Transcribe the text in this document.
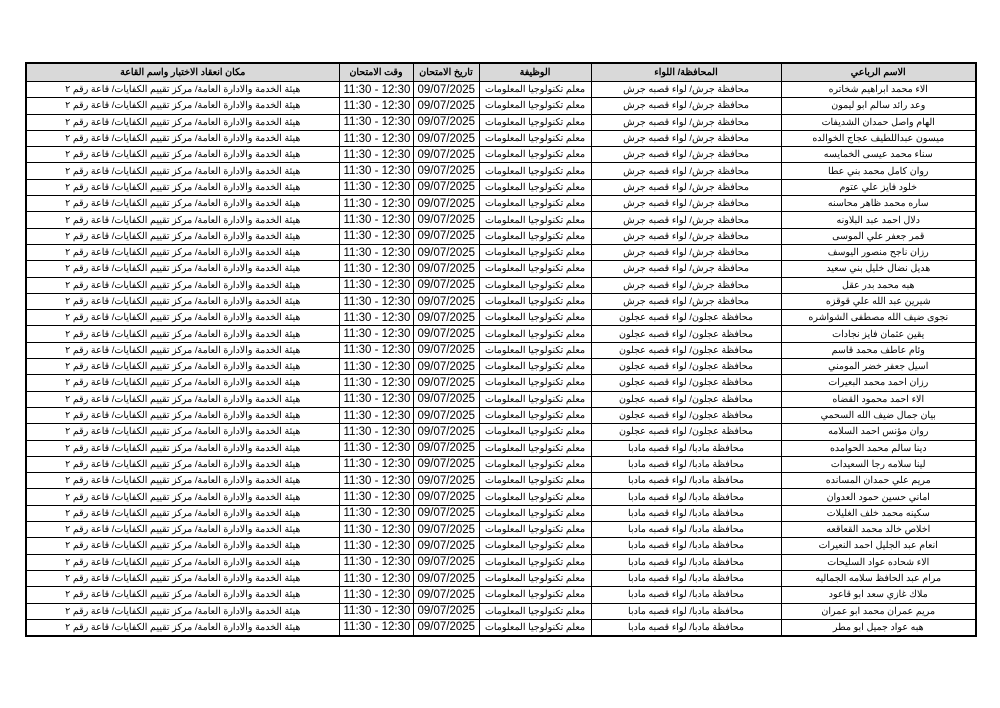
الاسم الرباعي	المحافظة/ اللواء	الوظيفة	تاريخ الامتحان	وقت الامتحان	مكان انعقاد الاختبار واسم القاعة
الاء محمد ابراهيم شخاتره	محافظة جرش/ لواء قصبه جرش	معلم تكنولوجيا المعلومات	09/07/2025	11:30 - 12:30	هيئة الخدمة والادارة العامة/ مركز تقييم الكفايات/ قاعة رقم ٢
وعد رائد سالم ابو ليمون	محافظة جرش/ لواء قصبه جرش	معلم تكنولوجيا المعلومات	09/07/2025	11:30 - 12:30	هيئة الخدمة والادارة العامة/ مركز تقييم الكفايات/ قاعة رقم ٢
الهام واصل حمدان الشديفات	محافظة جرش/ لواء قصبه جرش	معلم تكنولوجيا المعلومات	09/07/2025	11:30 - 12:30	هيئة الخدمة والادارة العامة/ مركز تقييم الكفايات/ قاعة رقم ٢
ميسون عبداللطيف عجاج الخوالده	محافظة جرش/ لواء قصبه جرش	معلم تكنولوجيا المعلومات	09/07/2025	11:30 - 12:30	هيئة الخدمة والادارة العامة/ مركز تقييم الكفايات/ قاعة رقم ٢
سناء محمد عيسى الخمايسه	محافظة جرش/ لواء قصبه جرش	معلم تكنولوجيا المعلومات	09/07/2025	11:30 - 12:30	هيئة الخدمة والادارة العامة/ مركز تقييم الكفايات/ قاعة رقم ٢
روان كامل محمد بني عطا	محافظة جرش/ لواء قصبه جرش	معلم تكنولوجيا المعلومات	09/07/2025	11:30 - 12:30	هيئة الخدمة والادارة العامة/ مركز تقييم الكفايات/ قاعة رقم ٢
خلود فايز علي عتوم	محافظة جرش/ لواء قصبه جرش	معلم تكنولوجيا المعلومات	09/07/2025	11:30 - 12:30	هيئة الخدمة والادارة العامة/ مركز تقييم الكفايات/ قاعة رقم ٢
ساره محمد ظاهر محاسنه	محافظة جرش/ لواء قصبه جرش	معلم تكنولوجيا المعلومات	09/07/2025	11:30 - 12:30	هيئة الخدمة والادارة العامة/ مركز تقييم الكفايات/ قاعة رقم ٢
دلال احمد عبد البلاونه	محافظة جرش/ لواء قصبه جرش	معلم تكنولوجيا المعلومات	09/07/2025	11:30 - 12:30	هيئة الخدمة والادارة العامة/ مركز تقييم الكفايات/ قاعة رقم ٢
قمر جعفر علي الموسى	محافظة جرش/ لواء قصبه جرش	معلم تكنولوجيا المعلومات	09/07/2025	11:30 - 12:30	هيئة الخدمة والادارة العامة/ مركز تقييم الكفايات/ قاعة رقم ٢
رزان ناجح منصور اليوسف	محافظة جرش/ لواء قصبه جرش	معلم تكنولوجيا المعلومات	09/07/2025	11:30 - 12:30	هيئة الخدمة والادارة العامة/ مركز تقييم الكفايات/ قاعة رقم ٢
هديل نضال خليل بني سعيد	محافظة جرش/ لواء قصبه جرش	معلم تكنولوجيا المعلومات	09/07/2025	11:30 - 12:30	هيئة الخدمة والادارة العامة/ مركز تقييم الكفايات/ قاعة رقم ٢
هبه محمد بدر عقل	محافظة جرش/ لواء قصبه جرش	معلم تكنولوجيا المعلومات	09/07/2025	11:30 - 12:30	هيئة الخدمة والادارة العامة/ مركز تقييم الكفايات/ قاعة رقم ٢
شيرين عبد الله علي قوقزه	محافظة جرش/ لواء قصبه جرش	معلم تكنولوجيا المعلومات	09/07/2025	11:30 - 12:30	هيئة الخدمة والادارة العامة/ مركز تقييم الكفايات/ قاعة رقم ٢
نجوى ضيف الله مصطفى الشواشره	محافظة عجلون/ لواء قصبه عجلون	معلم تكنولوجيا المعلومات	09/07/2025	11:30 - 12:30	هيئة الخدمة والادارة العامة/ مركز تقييم الكفايات/ قاعة رقم ٢
يقين عثمان فايز نجادات	محافظة عجلون/ لواء قصبه عجلون	معلم تكنولوجيا المعلومات	09/07/2025	11:30 - 12:30	هيئة الخدمة والادارة العامة/ مركز تقييم الكفايات/ قاعة رقم ٢
وئام عاطف محمد قاسم	محافظة عجلون/ لواء قصبه عجلون	معلم تكنولوجيا المعلومات	09/07/2025	11:30 - 12:30	هيئة الخدمة والادارة العامة/ مركز تقييم الكفايات/ قاعة رقم ٢
اسيل جعفر خضر المومني	محافظة عجلون/ لواء قصبه عجلون	معلم تكنولوجيا المعلومات	09/07/2025	11:30 - 12:30	هيئة الخدمة والادارة العامة/ مركز تقييم الكفايات/ قاعة رقم ٢
رزان احمد محمد البعيرات	محافظة عجلون/ لواء قصبه عجلون	معلم تكنولوجيا المعلومات	09/07/2025	11:30 - 12:30	هيئة الخدمة والادارة العامة/ مركز تقييم الكفايات/ قاعة رقم ٢
الاء احمد محمود القضاه	محافظة عجلون/ لواء قصبه عجلون	معلم تكنولوجيا المعلومات	09/07/2025	11:30 - 12:30	هيئة الخدمة والادارة العامة/ مركز تقييم الكفايات/ قاعة رقم ٢
بيان جمال ضيف الله السحمي	محافظة عجلون/ لواء قصبه عجلون	معلم تكنولوجيا المعلومات	09/07/2025	11:30 - 12:30	هيئة الخدمة والادارة العامة/ مركز تقييم الكفايات/ قاعة رقم ٢
روان مؤنس احمد السلامه	محافظة عجلون/ لواء قصبه عجلون	معلم تكنولوجيا المعلومات	09/07/2025	11:30 - 12:30	هيئة الخدمة والادارة العامة/ مركز تقييم الكفايات/ قاعة رقم ٢
دينا سالم محمد الحوامده	محافظة مادبا/ لواء قصبه مادبا	معلم تكنولوجيا المعلومات	09/07/2025	11:30 - 12:30	هيئة الخدمة والادارة العامة/ مركز تقييم الكفايات/ قاعة رقم ٢
لينا سلامه رجا السعيدات	محافظة مادبا/ لواء قصبه مادبا	معلم تكنولوجيا المعلومات	09/07/2025	11:30 - 12:30	هيئة الخدمة والادارة العامة/ مركز تقييم الكفايات/ قاعة رقم ٢
مريم علي حمدان المسانده	محافظة مادبا/ لواء قصبه مادبا	معلم تكنولوجيا المعلومات	09/07/2025	11:30 - 12:30	هيئة الخدمة والادارة العامة/ مركز تقييم الكفايات/ قاعة رقم ٢
اماني حسين حمود العدوان	محافظة مادبا/ لواء قصبه مادبا	معلم تكنولوجيا المعلومات	09/07/2025	11:30 - 12:30	هيئة الخدمة والادارة العامة/ مركز تقييم الكفايات/ قاعة رقم ٢
سكينه محمد خلف الغليلات	محافظة مادبا/ لواء قصبه مادبا	معلم تكنولوجيا المعلومات	09/07/2025	11:30 - 12:30	هيئة الخدمة والادارة العامة/ مركز تقييم الكفايات/ قاعة رقم ٢
اخلاص خالد محمد القعاقعه	محافظة مادبا/ لواء قصبه مادبا	معلم تكنولوجيا المعلومات	09/07/2025	11:30 - 12:30	هيئة الخدمة والادارة العامة/ مركز تقييم الكفايات/ قاعة رقم ٢
انعام عبد الجليل احمد النعيرات	محافظة مادبا/ لواء قصبه مادبا	معلم تكنولوجيا المعلومات	09/07/2025	11:30 - 12:30	هيئة الخدمة والادارة العامة/ مركز تقييم الكفايات/ قاعة رقم ٢
الاء شحاده عواد السليحات	محافظة مادبا/ لواء قصبه مادبا	معلم تكنولوجيا المعلومات	09/07/2025	11:30 - 12:30	هيئة الخدمة والادارة العامة/ مركز تقييم الكفايات/ قاعة رقم ٢
مرام عبد الحافظ سلامه الجماليه	محافظة مادبا/ لواء قصبه مادبا	معلم تكنولوجيا المعلومات	09/07/2025	11:30 - 12:30	هيئة الخدمة والادارة العامة/ مركز تقييم الكفايات/ قاعة رقم ٢
ملاك غازي سعد ابو قاعود	محافظة مادبا/ لواء قصبه مادبا	معلم تكنولوجيا المعلومات	09/07/2025	11:30 - 12:30	هيئة الخدمة والادارة العامة/ مركز تقييم الكفايات/ قاعة رقم ٢
مريم عمران محمد ابو عمران	محافظة مادبا/ لواء قصبه مادبا	معلم تكنولوجيا المعلومات	09/07/2025	11:30 - 12:30	هيئة الخدمة والادارة العامة/ مركز تقييم الكفايات/ قاعة رقم ٢
هبه عواد جميل ابو مطر	محافظة مادبا/ لواء قصبه مادبا	معلم تكنولوجيا المعلومات	09/07/2025	11:30 - 12:30	هيئة الخدمة والادارة العامة/ مركز تقييم الكفايات/ قاعة رقم ٢
